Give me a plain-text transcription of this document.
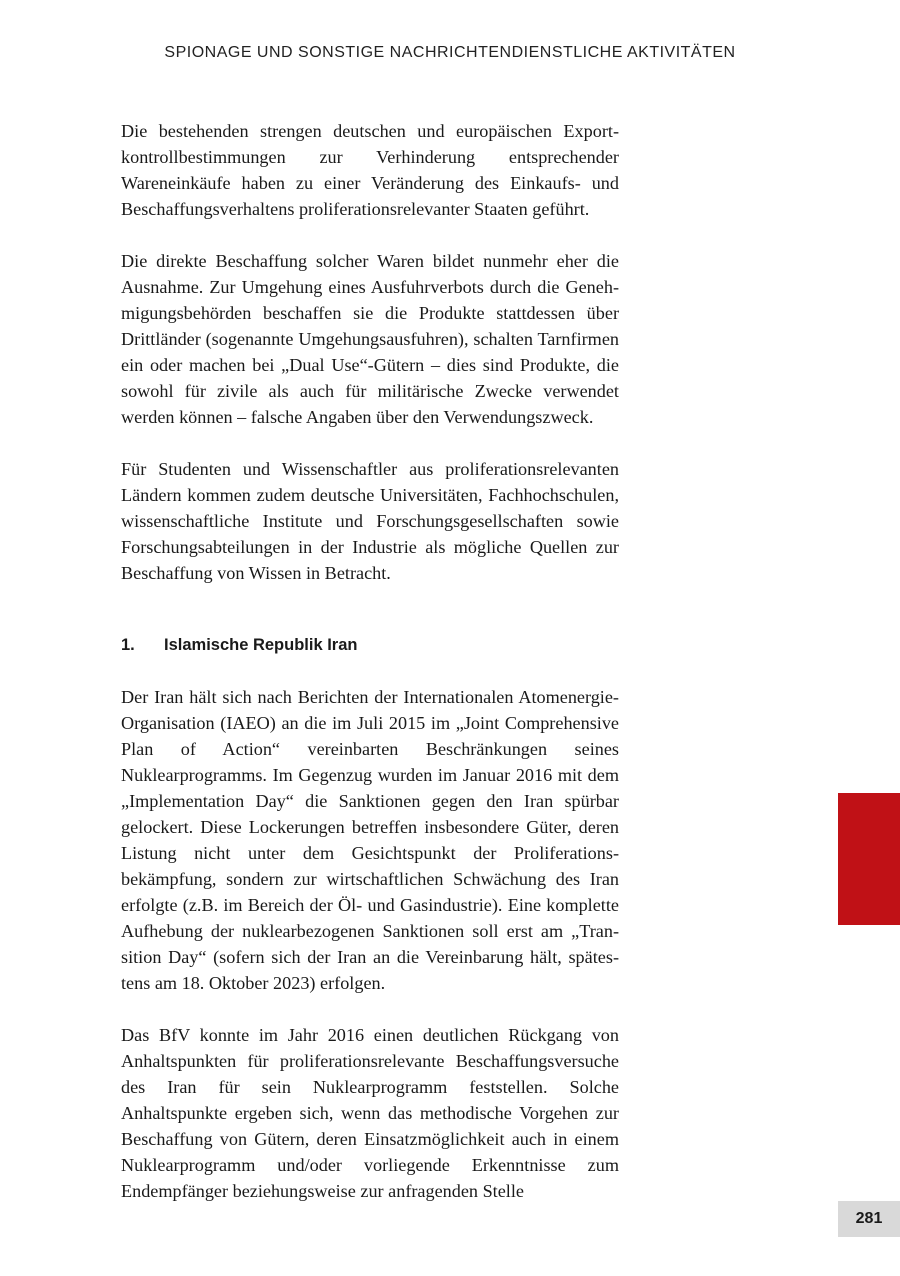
SPIONAGE UND SONSTIGE NACHRICHTENDIENSTLICHE AKTIVITÄTEN

Die bestehenden strengen deutschen und europäischen Exportkontrollbestimmungen zur Verhinderung entsprechender Wareneinkäufe haben zu einer Veränderung des Einkaufs- und Beschaffungsverhaltens proliferationsrelevanter Staaten geführt.

Die direkte Beschaffung solcher Waren bildet nunmehr eher die Ausnahme. Zur Umgehung eines Ausfuhrverbots durch die Genehmigungsbehörden beschaffen sie die Produkte stattdessen über Drittländer (sogenannte Umgehungsausfuhren), schalten Tarnfirmen ein oder machen bei „Dual Use“-Gütern – dies sind Produkte, die sowohl für zivile als auch für militärische Zwecke verwendet werden können – falsche Angaben über den Verwendungszweck.

Für Studenten und Wissenschaftler aus proliferationsrelevanten Ländern kommen zudem deutsche Universitäten, Fachhochschulen, wissenschaftliche Institute und Forschungsgesellschaften sowie Forschungsabteilungen in der Industrie als mögliche Quellen zur Beschaffung von Wissen in Betracht.

1.	Islamische Republik Iran

Der Iran hält sich nach Berichten der Internationalen Atomenergie-Organisation (IAEO) an die im Juli 2015 im „Joint Comprehensive Plan of Action“ vereinbarten Beschränkungen seines Nuklearprogramms. Im Gegenzug wurden im Januar 2016 mit dem „Implementation Day“ die Sanktionen gegen den Iran spürbar gelockert. Diese Lockerungen betreffen insbesondere Güter, deren Listung nicht unter dem Gesichtspunkt der Proliferationsbekämpfung, sondern zur wirtschaftlichen Schwächung des Iran erfolgte (z.B. im Bereich der Öl- und Gasindustrie). Eine komplette Aufhebung der nuklearbezogenen Sanktionen soll erst am „Transition Day“ (sofern sich der Iran an die Vereinbarung hält, spätestens am 18. Oktober 2023) erfolgen.

Das BfV konnte im Jahr 2016 einen deutlichen Rückgang von Anhaltspunkten für proliferationsrelevante Beschaffungsversuche des Iran für sein Nuklearprogramm feststellen. Solche Anhaltspunkte ergeben sich, wenn das methodische Vorgehen zur Beschaffung von Gütern, deren Einsatzmöglichkeit auch in einem Nuklearprogramm und/oder vorliegende Erkenntnisse zum Endempfänger beziehungsweise zur anfragenden Stelle

281
